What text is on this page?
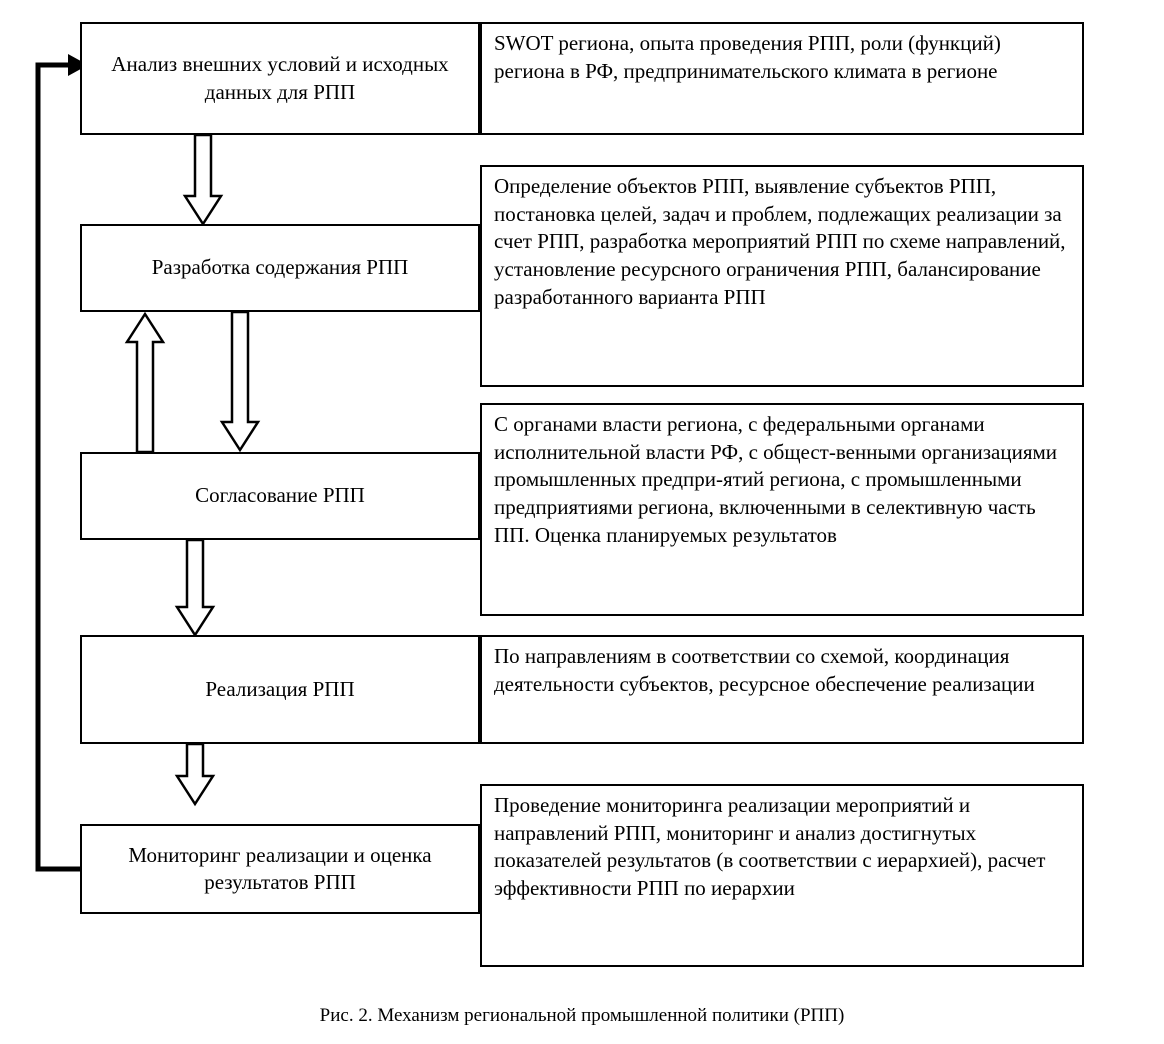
Анализ внешних условий и исходных данных для РПП
SWOT региона, опыта проведения РПП, роли (функций) региона в РФ, предпринимательского климата в регионе
Разработка содержания РПП
Определение объектов РПП, выявление субъектов РПП, постановка целей, задач и проблем, подлежащих реализации за счет РПП, разработка мероприятий РПП по схеме направлений, установление ресурсного ограничения РПП, балансирование разработанного варианта РПП
Согласование РПП
С органами власти региона, с федеральными органами исполнительной власти РФ, с общест-венными организациями промышленных предпри-ятий региона, с промышленными предприятиями региона, включенными в селективную часть ПП. Оценка планируемых результатов
Реализация РПП
По направлениям в соответствии со схемой, координация деятельности субъектов, ресурсное обеспечение реализации
Мониторинг реализации и оценка результатов РПП
Проведение мониторинга реализации мероприятий и направлений РПП, мониторинг и анализ достигнутых показателей результатов (в соответствии с иерархией), расчет эффективности РПП по иерархии
Рис. 2. Механизм региональной промышленной политики (РПП)
